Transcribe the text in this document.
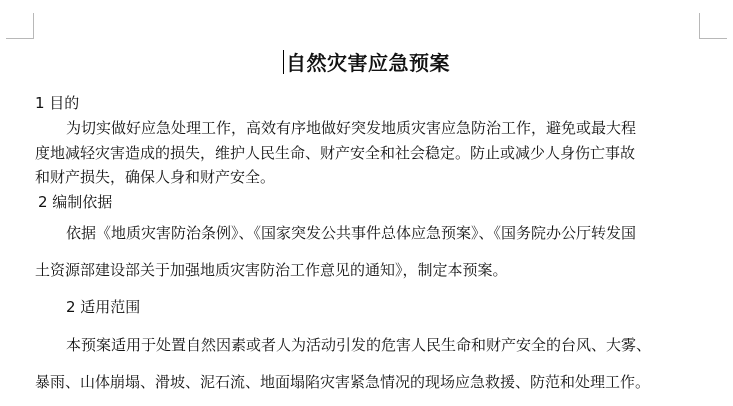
自然灾害应急预案
1 目的
为切实做好应急处理工作，高效有序地做好突发地质灾害应急防治工作，避免或最大程
度地减轻灾害造成的损失，维护人民生命、财产安全和社会稳定。防止或减少人身伤亡事故
和财产损失，确保人身和财产安全。
2 编制依据
依据《地质灾害防治条例》、《国家突发公共事件总体应急预案》、《国务院办公厅转发国
土资源部建设部关于加强地质灾害防治工作意见的通知》，制定本预案。
2 适用范围
本预案适用于处置自然因素或者人为活动引发的危害人民生命和财产安全的台风、大雾、
暴雨、山体崩塌、滑坡、泥石流、地面塌陷灾害紧急情况的现场应急救援、防范和处理工作。
